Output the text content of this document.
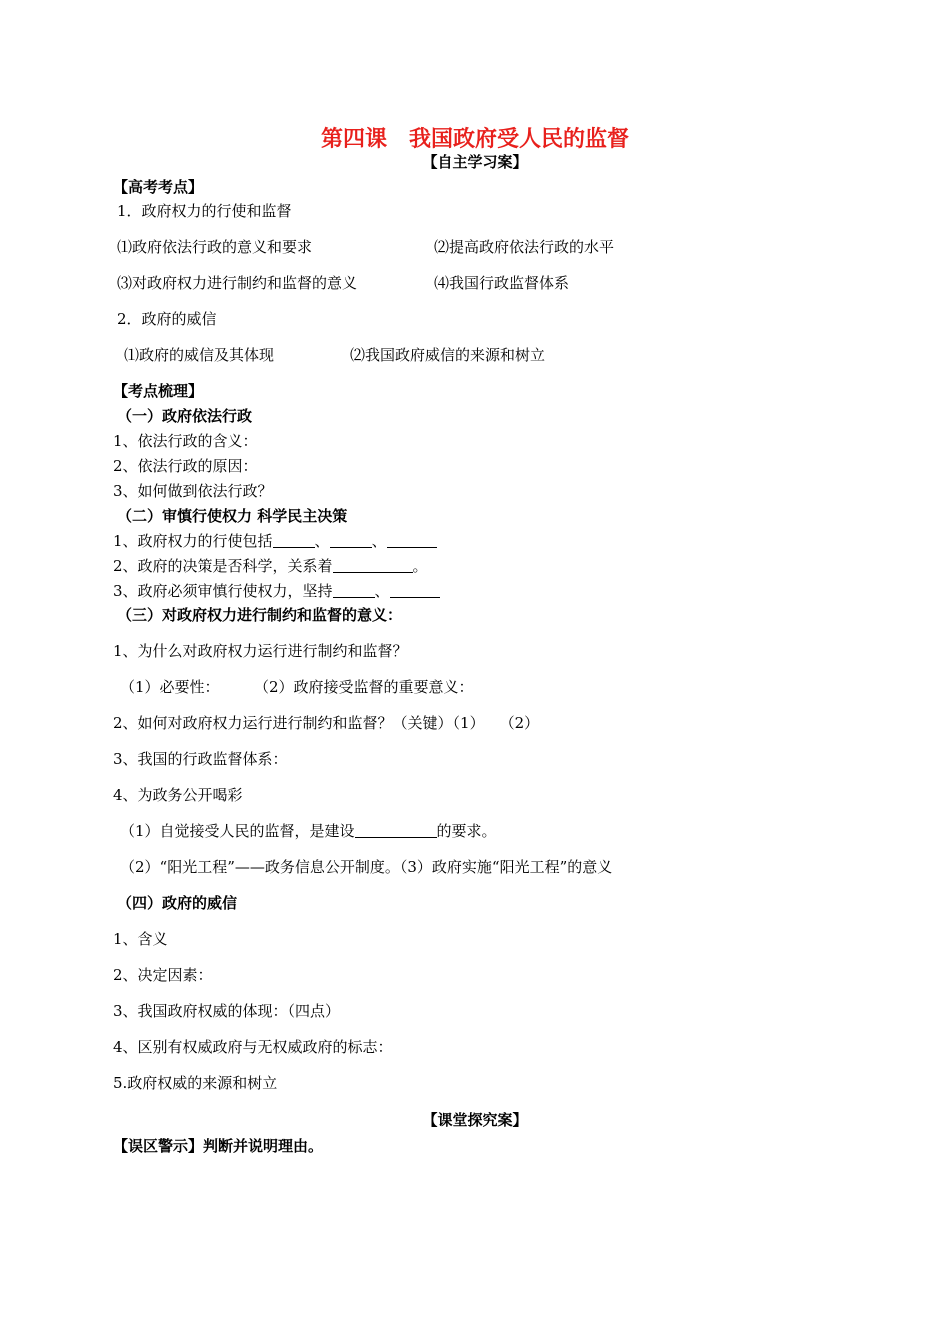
第四课　我国政府受人民的监督
【自主学习案】
【高考考点】
1．政府权力的行使和监督
⑴政府依法行政的意义和要求	⑵提高政府依法行政的水平
⑶对政府权力进行制约和监督的意义	⑷我国行政监督体系
2．政府的威信
⑴政府的威信及其体现	⑵我国政府威信的来源和树立
【考点梳理】
（一）政府依法行政
1、依法行政的含义：
2、依法行政的原因：
3、如何做到依法行政？
（二）审慎行使权力 科学民主决策
1、政府权力的行使包括	、	、
2、政府的决策是否科学，关系着	。
3、政府必须审慎行使权力，坚持	、
（三）对政府权力进行制约和监督的意义：
1、为什么对政府权力运行进行制约和监督？
（1）必要性： （2）政府接受监督的重要意义：
2、如何对政府权力运行进行制约和监督？（关键）（1）　　（2）
3、我国的行政监督体系：
4、为政务公开喝彩
（1）自觉接受人民的监督，是建设	的要求。
（2）“阳光工程”——政务信息公开制度。（3）政府实施“阳光工程”的意义
（四）政府的威信
1、含义
2、决定因素：
3、我国政府权威的体现：（四点）
4、区别有权威政府与无权威政府的标志：
5.政府权威的来源和树立
【课堂探究案】
【误区警示】判断并说明理由。
